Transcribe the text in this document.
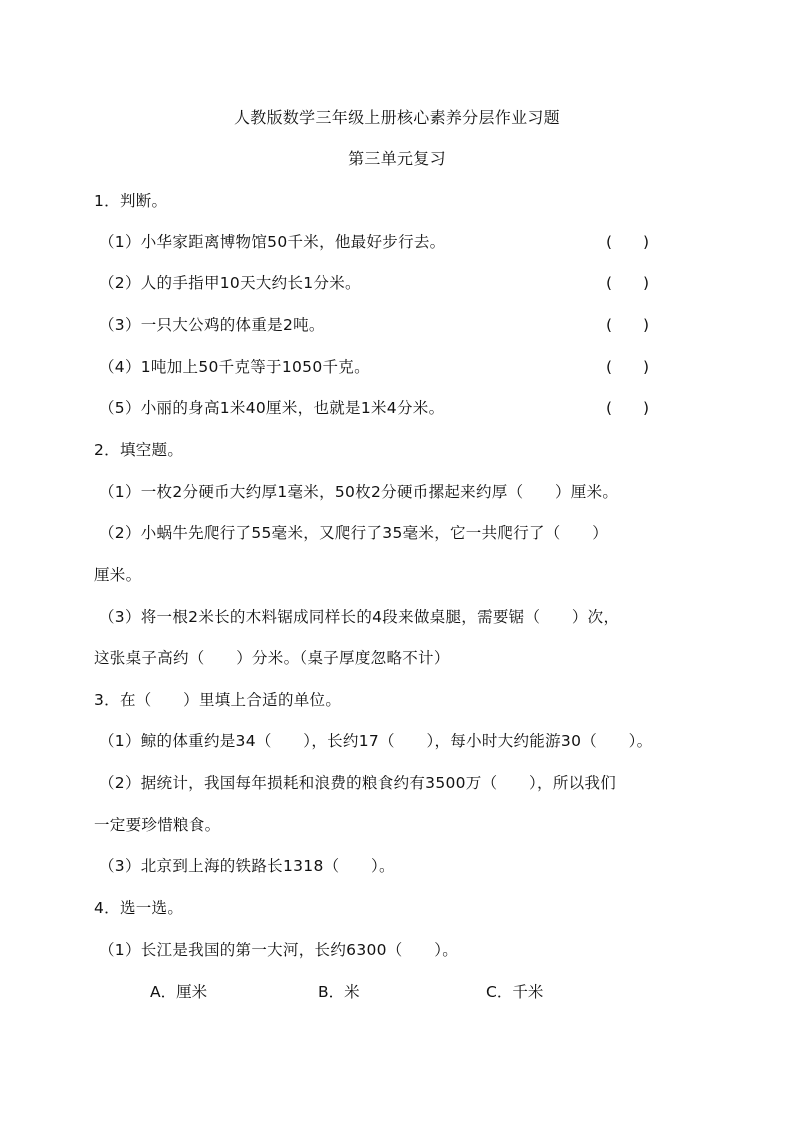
人教版数学三年级上册核心素养分层作业习题
第三单元复习
1．判断。
（1）小华家距离博物馆50千米，他最好步行去。	(　　)
（2）人的手指甲10天大约长1分米。	(　　)
（3）一只大公鸡的体重是2吨。	(　　)
（4）1吨加上50千克等于1050千克。	(　　)
（5）小丽的身高1米40厘米，也就是1米4分米。	(　　)
2．填空题。
（1）一枚2分硬币大约厚1毫米，50枚2分硬币摞起来约厚（　　）厘米。
（2）小蜗牛先爬行了55毫米，又爬行了35毫米，它一共爬行了（　　）
厘米。
（3）将一根2米长的木料锯成同样长的4段来做桌腿，需要锯（　　）次，
这张桌子高约（　　）分米。（桌子厚度忽略不计）
3．在（　　）里填上合适的单位。
（1）鲸的体重约是34（　　），长约17（　　），每小时大约能游30（　　）。
（2）据统计，我国每年损耗和浪费的粮食约有3500万（　　），所以我们
一定要珍惜粮食。
（3）北京到上海的铁路长1318（　　）。
4．选一选。
（1）长江是我国的第一大河，长约6300（　　）。
A．厘米	B．米	C．千米
